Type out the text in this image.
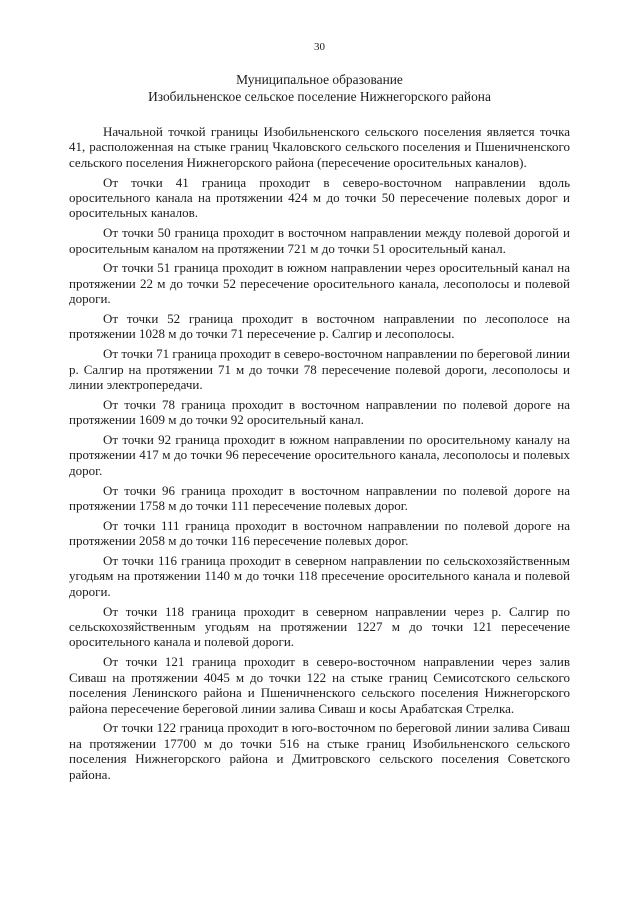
30
Муниципальное образование
Изобильненское сельское поселение Нижнегорского района

Начальной точкой границы Изобильненского сельского поселения является точка 41, расположенная на стыке границ Чкаловского сельского поселения и Пшеничненского сельского поселения Нижнегорского района (пересечение оросительных каналов).

От точки 41 граница проходит в северо-восточном направлении вдоль оросительного канала на протяжении 424 м до точки 50 пересечение полевых дорог и оросительных каналов.

От точки 50 граница проходит в восточном направлении между полевой дорогой и оросительным каналом на протяжении 721 м до точки 51 оросительный канал.

От точки 51 граница проходит в южном направлении через оросительный канал на протяжении 22 м до точки 52 пересечение оросительного канала, лесополосы и полевой дороги.

От точки 52 граница проходит в восточном направлении по лесополосе на протяжении 1028 м до точки 71 пересечение р. Салгир и лесополосы.

От точки 71 граница проходит в северо-восточном направлении по береговой линии р. Салгир на протяжении 71 м до точки 78 пересечение полевой дороги, лесополосы и линии электропередачи.

От точки 78 граница проходит в восточном направлении по полевой дороге на протяжении 1609 м до точки 92 оросительный канал.

От точки 92 граница проходит в южном направлении по оросительному каналу на протяжении 417 м до точки 96 пересечение оросительного канала, лесополосы и полевых дорог.

От точки 96 граница проходит в восточном направлении по полевой дороге на протяжении 1758 м до точки 111 пересечение полевых дорог.

От точки 111 граница проходит в восточном направлении по полевой дороге на протяжении 2058 м до точки 116 пересечение полевых дорог.

От точки 116 граница проходит в северном направлении по сельскохозяйственным угодьям на протяжении 1140 м до точки 118 пресечение оросительного канала и полевой дороги.

От точки 118 граница проходит в северном направлении через р. Салгир по сельскохозяйственным угодьям на протяжении 1227 м до точки 121 пересечение оросительного канала и полевой дороги.

От точки 121 граница проходит в северо-восточном направлении через залив Сиваш на протяжении 4045 м до точки 122 на стыке границ Семисотского сельского поселения Ленинского района и Пшеничненского сельского поселения Нижнегорского района пересечение береговой линии залива Сиваш и косы Арабатская Стрелка.

От точки 122 граница проходит в юго-восточном по береговой линии залива Сиваш на протяжении 17700 м до точки 516 на стыке границ Изобильненского сельского поселения Нижнегорского района и Дмитровского сельского поселения Советского района.
